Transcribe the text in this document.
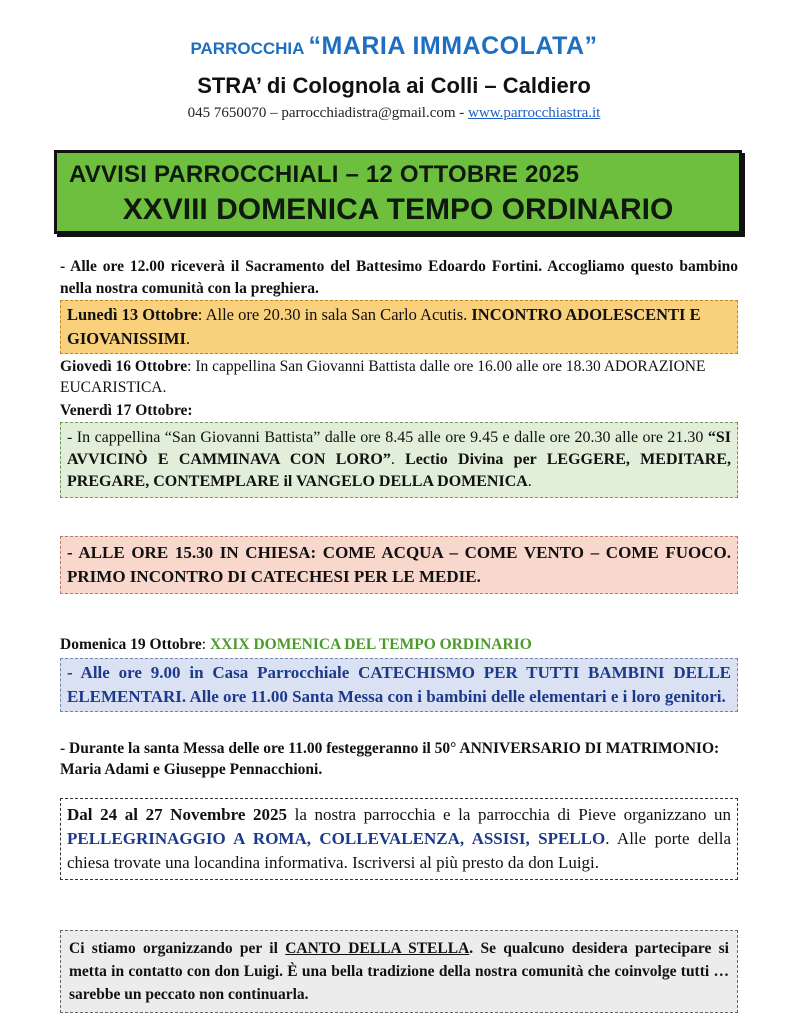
PARROCCHIA “MARIA IMMACOLATA”
STRA’ di Colognola ai Colli – Caldiero
045 7650070 – parrocchiadistra@gmail.com - www.parrocchiastra.it
AVVISI PARROCCHIALI – 12 OTTOBRE 2025
XXVIII DOMENICA TEMPO ORDINARIO
- Alle ore 12.00 riceverà il Sacramento del Battesimo Edoardo Fortini. Accogliamo questo bambino nella nostra comunità con la preghiera.
Lunedì 13 Ottobre: Alle ore 20.30 in sala San Carlo Acutis. INCONTRO ADOLESCENTI E GIOVANISSIMI.
Giovedì 16 Ottobre: In cappellina San Giovanni Battista dalle ore 16.00 alle ore 18.30 ADORAZIONE EUCARISTICA.
Venerdì 17 Ottobre:
- In cappellina “San Giovanni Battista” dalle ore 8.45 alle ore 9.45 e dalle ore 20.30 alle ore 21.30 “SI AVVICINÒ E CAMMINAVA CON LORO”. Lectio Divina per LEGGERE, MEDITARE, PREGARE, CONTEMPLARE il VANGELO DELLA DOMENICA.
- ALLE ORE 15.30 IN CHIESA: COME ACQUA – COME VENTO – COME FUOCO. PRIMO INCONTRO DI CATECHESI PER LE MEDIE.
Domenica 19 Ottobre: XXIX DOMENICA DEL TEMPO ORDINARIO
- Alle ore 9.00 in Casa Parrocchiale CATECHISMO PER TUTTI BAMBINI DELLE ELEMENTARI. Alle ore 11.00 Santa Messa con i bambini delle elementari e i loro genitori.
- Durante la santa Messa delle ore 11.00 festeggeranno il 50° ANNIVERSARIO DI MATRIMONIO: Maria Adami e Giuseppe Pennacchioni.
Dal 24 al 27 Novembre 2025 la nostra parrocchia e la parrocchia di Pieve organizzano un PELLEGRINAGGIO A ROMA, COLLEVALENZA, ASSISI, SPELLO. Alle porte della chiesa trovate una locandina informativa. Iscriversi al più presto da don Luigi.
Ci stiamo organizzando per il CANTO DELLA STELLA. Se qualcuno desidera partecipare si metta in contatto con don Luigi. È una bella tradizione della nostra comunità che coinvolge tutti … sarebbe un peccato non continuarla.
